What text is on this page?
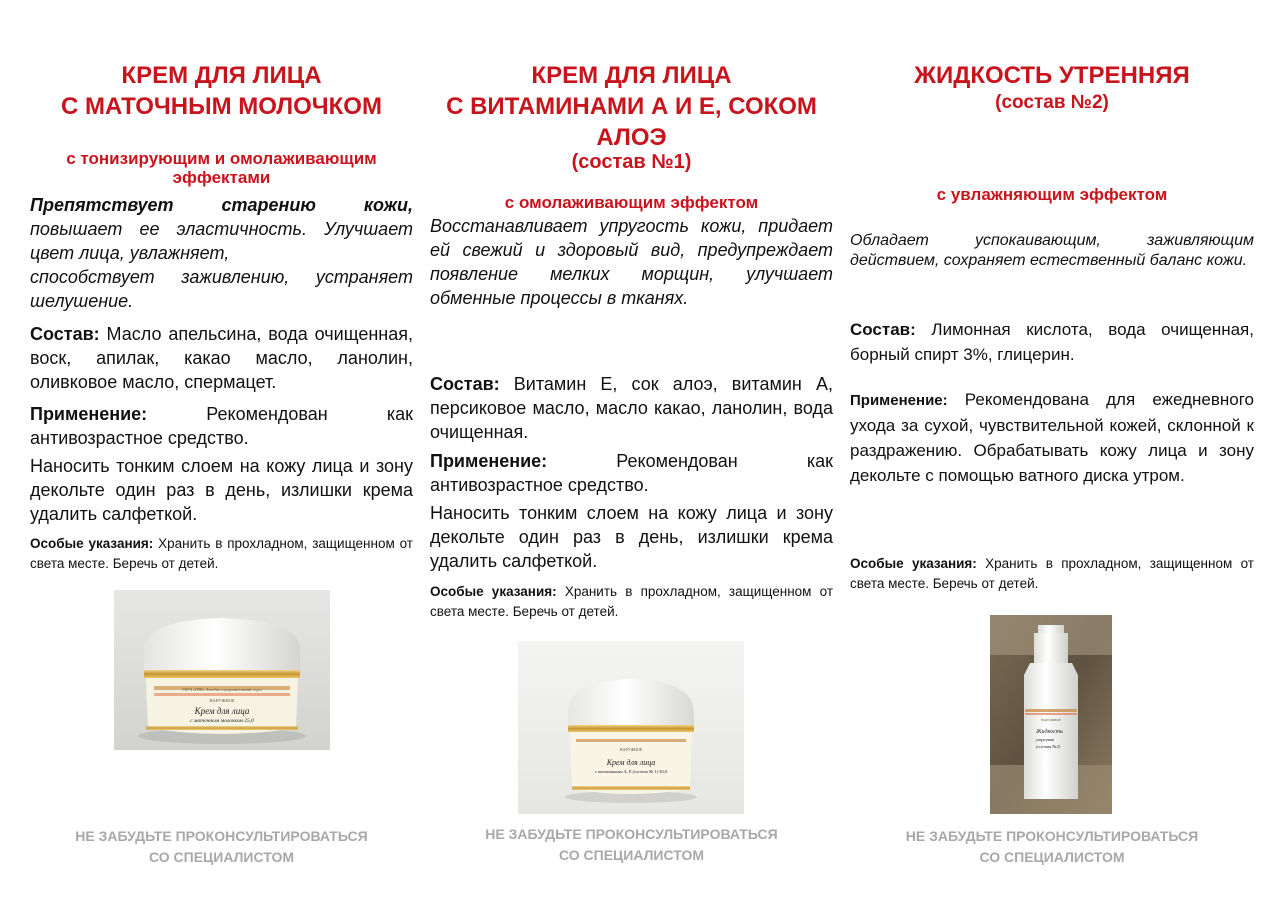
КРЕМ ДЛЯ ЛИЦА
С МАТОЧНЫМ МОЛОЧКОМ
с тонизирующим и омолаживающим
эффектами

Препятствует старению кожи, повышает ее эластичность. Улучшает цвет лица, увлажняет,

способствует заживлению, устраняет шелушение.

Состав: Масло апельсина, вода очищенная, воск, апилак, какао масло, ланолин, оливковое масло, спермацет.

Применение:	Рекомендован как антивозрастное средство.

Наносить тонким слоем на кожу лица и зону декольте один раз в день, излишки крема удалить салфеткой.

Особые указания: Хранить в прохладном, защищенном от света месте. Беречь от детей.

ГКУЗ «ГВН» Лечебно-оздоровительный отдел
НАРУЖНОЕ
Крем для лица
с маточным молочком 25,0
НЕ ЗАБУДЬТЕ ПРОКОНСУЛЬТИРОВАТЬСЯ
СО СПЕЦИАЛИСТОМ
КРЕМ ДЛЯ ЛИЦА
С ВИТАМИНАМИ А И Е, СОКОМ
АЛОЭ
(состав №1)
с омолаживающим эффектом

Восстанавливает упругость кожи, придает ей свежий и здоровый вид, предупреждает появление мелких морщин, улучшает обменные процессы в тканях.

Состав: Витамин Е, сок алоэ, витамин А, персиковое масло, масло какао, ланолин, вода очищенная.

Применение:	Рекомендован как антивозрастное средство.

Наносить тонким слоем на кожу лица и зону декольте один раз в день, излишки крема удалить салфеткой.

Особые указания: Хранить в прохладном, защищенном от света месте. Беречь от детей.

НАРУЖНОЕ
Крем для лица
с витаминами А, Е (состав № 1) 50,0
НЕ ЗАБУДЬТЕ ПРОКОНСУЛЬТИРОВАТЬСЯ
СО СПЕЦИАЛИСТОМ
ЖИДКОСТЬ УТРЕННЯЯ
(состав №2)
с увлажняющим эффектом

Обладает успокаивающим, заживляющим действием, сохраняет естественный баланс кожи.

Состав: Лимонная кислота, вода очищенная, борный спирт 3%, глицерин.

Применение: Рекомендована для ежедневного ухода за сухой, чувствительной кожей, склонной к раздражению. Обрабатывать кожу лица и зону декольте с помощью ватного диска утром.

Особые указания: Хранить в прохладном, защищенном от света месте. Беречь от детей.

НАРУЖНОЕ
Жидкость
утренняя
(состав №2)
НЕ ЗАБУДЬТЕ ПРОКОНСУЛЬТИРОВАТЬСЯ
СО СПЕЦИАЛИСТОМ
